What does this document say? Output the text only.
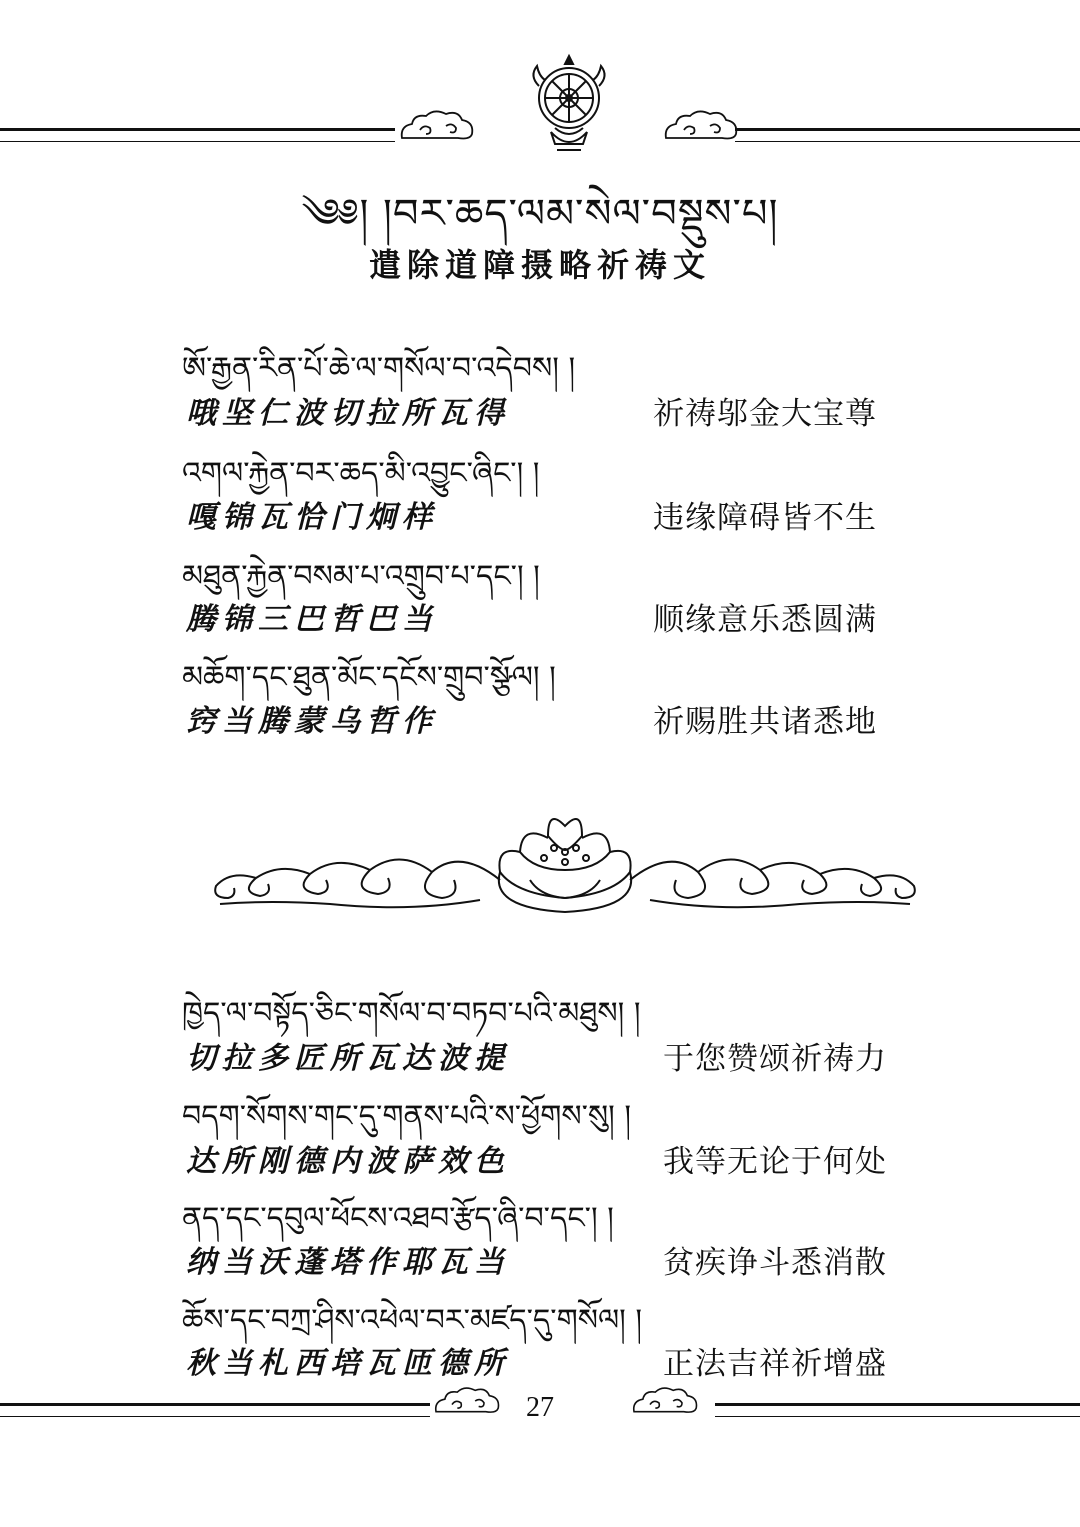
༄༅། །བར་ཆད་ལམ་སེལ་བསྡུས་པ།
遣除道障摄略祈祷文
ཨོ་རྒྱན་རིན་པོ་ཆེ་ལ་གསོལ་བ་འདེབས། །
哦坚仁波切拉所瓦得	祈祷邬金大宝尊
འགལ་རྐྱེན་བར་ཆད་མི་འབྱུང་ཞིང་། །
嘎锦瓦恰门炯样	违缘障碍皆不生
མཐུན་རྐྱེན་བསམ་པ་འགྲུབ་པ་དང་། །
腾锦三巴哲巴当	顺缘意乐悉圆满
མཆོག་དང་ཐུན་མོང་དངོས་གྲུབ་སྩོལ། །
窍当腾蒙乌哲作	祈赐胜共诸悉地
ཁྱེད་ལ་བསྟོད་ཅིང་གསོལ་བ་བཏབ་པའི་མཐུས། །
切拉多匠所瓦达波提	于您赞颂祈祷力
བདག་སོགས་གང་དུ་གནས་པའི་ས་ཕྱོགས་སུ། །
达所刚德内波萨效色	我等无论于何处
ནད་དང་དབུལ་ཕོངས་འཐབ་རྩོད་ཞི་བ་དང་། །
纳当沃蓬塔作耶瓦当	贫疾诤斗悉消散
ཆོས་དང་བཀྲ་ཤིས་འཕེལ་བར་མཛད་དུ་གསོལ། །
秋当札西培瓦匝德所	正法吉祥祈增盛
27
